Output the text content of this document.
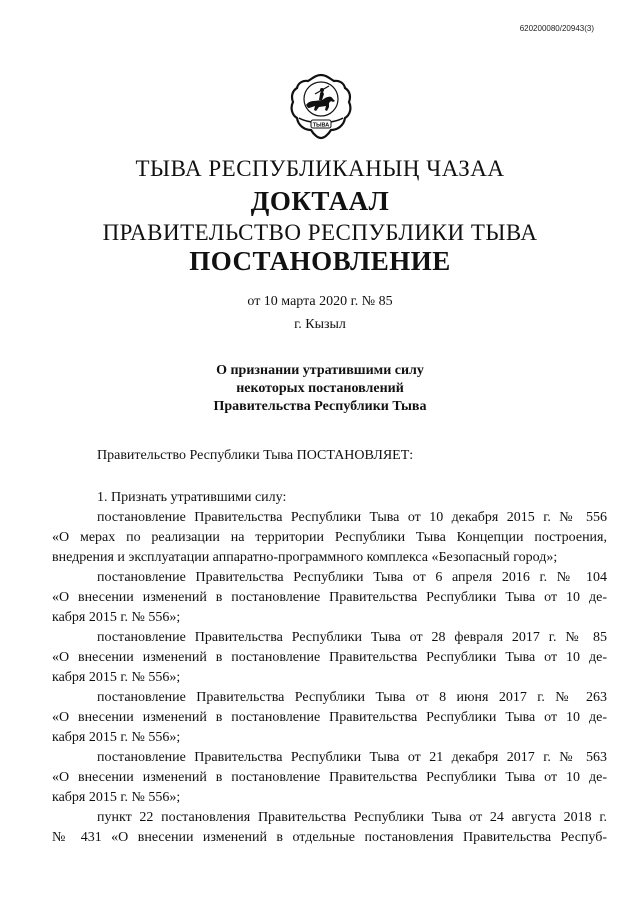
620200080/20943(3)
ТЫВА
ТЫВА РЕСПУБЛИКАНЫҢ ЧАЗАА
ДОКТААЛ
ПРАВИТЕЛЬСТВО РЕСПУБЛИКИ ТЫВА
ПОСТАНОВЛЕНИЕ
от 10 марта 2020 г. № 85
г. Кызыл
О признании утратившими силу
некоторых постановлений
Правительства Республики Тыва
Правительство Республики Тыва ПОСТАНОВЛЯЕТ:
1. Признать утратившими силу:
постановление Правительства Республики Тыва от 10 декабря 2015 г. № 556
«О мерах по реализации на территории Республики Тыва Концепции построения,
внедрения и эксплуатации аппаратно-программного комплекса «Безопасный город»;
постановление Правительства Республики Тыва от 6 апреля 2016 г. № 104
«О внесении изменений в постановление Правительства Республики Тыва от 10 де-
кабря 2015 г. № 556»;
постановление Правительства Республики Тыва от 28 февраля 2017 г. № 85
«О внесении изменений в постановление Правительства Республики Тыва от 10 де-
кабря 2015 г. № 556»;
постановление Правительства Республики Тыва от 8 июня 2017 г. № 263
«О внесении изменений в постановление Правительства Республики Тыва от 10 де-
кабря 2015 г. № 556»;
постановление Правительства Республики Тыва от 21 декабря 2017 г. № 563
«О внесении изменений в постановление Правительства Республики Тыва от 10 де-
кабря 2015 г. № 556»;
пункт 22 постановления Правительства Республики Тыва от 24 августа 2018 г.
№ 431 «О внесении изменений в отдельные постановления Правительства Респуб-
